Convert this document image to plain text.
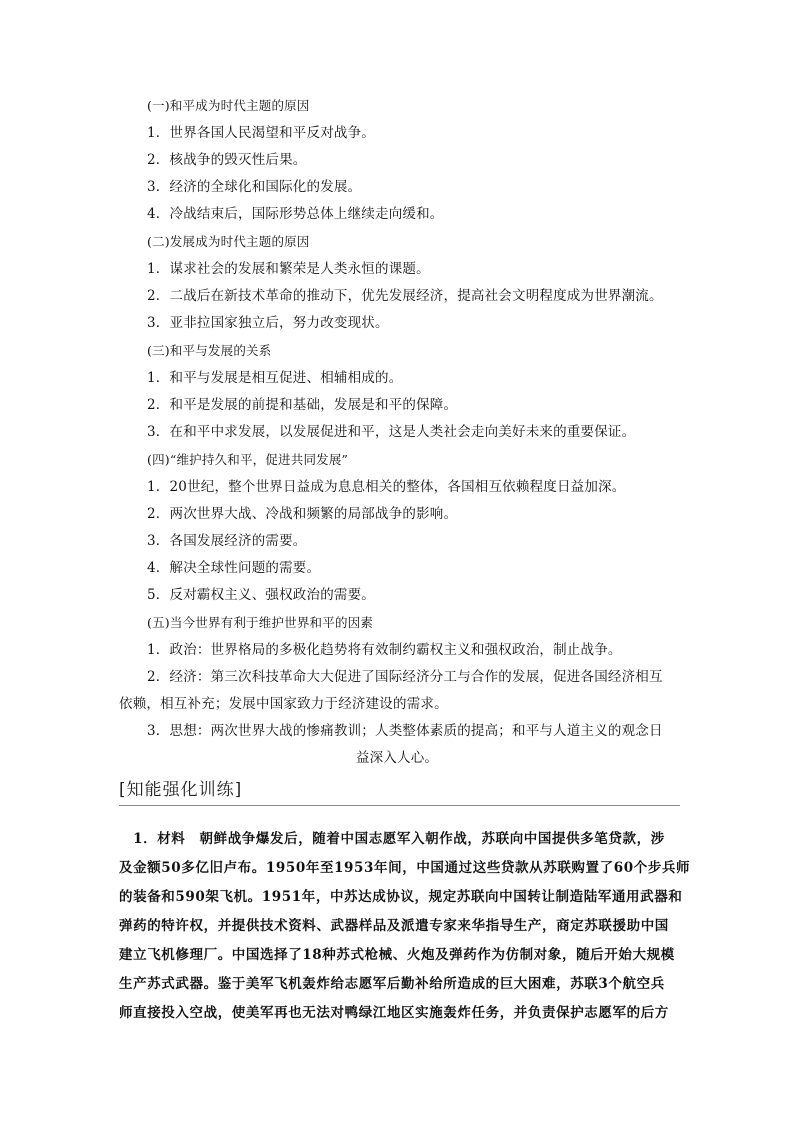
(一)和平成为时代主题的原因
1．世界各国人民渴望和平反对战争。
2．核战争的毁灭性后果。
3．经济的全球化和国际化的发展。
4．冷战结束后，国际形势总体上继续走向缓和。
(二)发展成为时代主题的原因
1．谋求社会的发展和繁荣是人类永恒的课题。
2．二战后在新技术革命的推动下，优先发展经济，提高社会文明程度成为世界潮流。
3．亚非拉国家独立后，努力改变现状。
(三)和平与发展的关系
1．和平与发展是相互促进、相辅相成的。
2．和平是发展的前提和基础，发展是和平的保障。
3．在和平中求发展，以发展促进和平，这是人类社会走向美好未来的重要保证。
(四)“维护持久和平，促进共同发展”
1．20世纪，整个世界日益成为息息相关的整体，各国相互依赖程度日益加深。
2．两次世界大战、冷战和频繁的局部战争的影响。
3．各国发展经济的需要。
4．解决全球性问题的需要。
5．反对霸权主义、强权政治的需要。
(五)当今世界有利于维护世界和平的因素
1．政治：世界格局的多极化趋势将有效制约霸权主义和强权政治，制止战争。
2．经济：第三次科技革命大大促进了国际经济分工与合作的发展，促进各国经济相互
依赖，相互补充；发展中国家致力于经济建设的需求。
3．思想：两次世界大战的惨痛教训；人类整体素质的提高；和平与人道主义的观念日
益深入人心。
[知能强化训练]
　1．材料　朝鲜战争爆发后，随着中国志愿军入朝作战，苏联向中国提供多笔贷款，涉
及金额50多亿旧卢布。1950年至1953年间，中国通过这些贷款从苏联购置了60个步兵师
的装备和590架飞机。1951年，中苏达成协议，规定苏联向中国转让制造陆军通用武器和
弹药的特许权，并提供技术资料、武器样品及派遣专家来华指导生产，商定苏联援助中国
建立飞机修理厂。中国选择了18种苏式枪械、火炮及弹药作为仿制对象，随后开始大规模
生产苏式武器。鉴于美军飞机轰炸给志愿军后勤补给所造成的巨大困难，苏联3个航空兵
师直接投入空战，使美军再也无法对鸭绿江地区实施轰炸任务，并负责保护志愿军的后方
